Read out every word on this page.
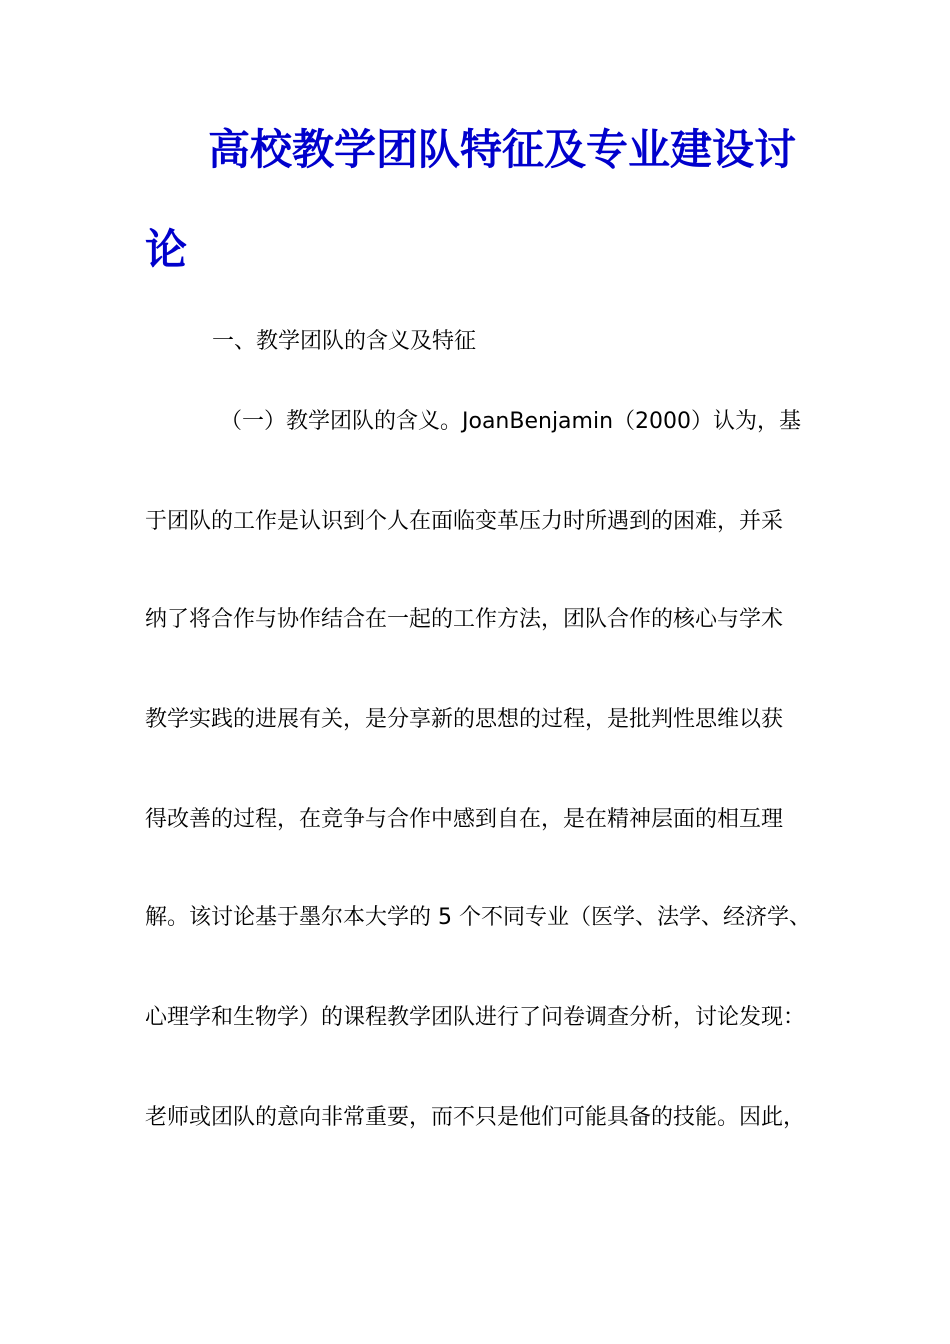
高校教学团队特征及专业建设讨
论

一、教学团队的含义及特征

（一）教学团队的含义。JoanBenjamin（2000）认为，基

于团队的工作是认识到个人在面临变革压力时所遇到的困难，并采

纳了将合作与协作结合在一起的工作方法，团队合作的核心与学术

教学实践的进展有关，是分享新的思想的过程，是批判性思维以获

得改善的过程，在竞争与合作中感到自在，是在精神层面的相互理

解。该讨论基于墨尔本大学的 5 个不同专业（医学、法学、经济学、

心理学和生物学）的课程教学团队进行了问卷调查分析，讨论发现：

老师或团队的意向非常重要，而不只是他们可能具备的技能。因此，
